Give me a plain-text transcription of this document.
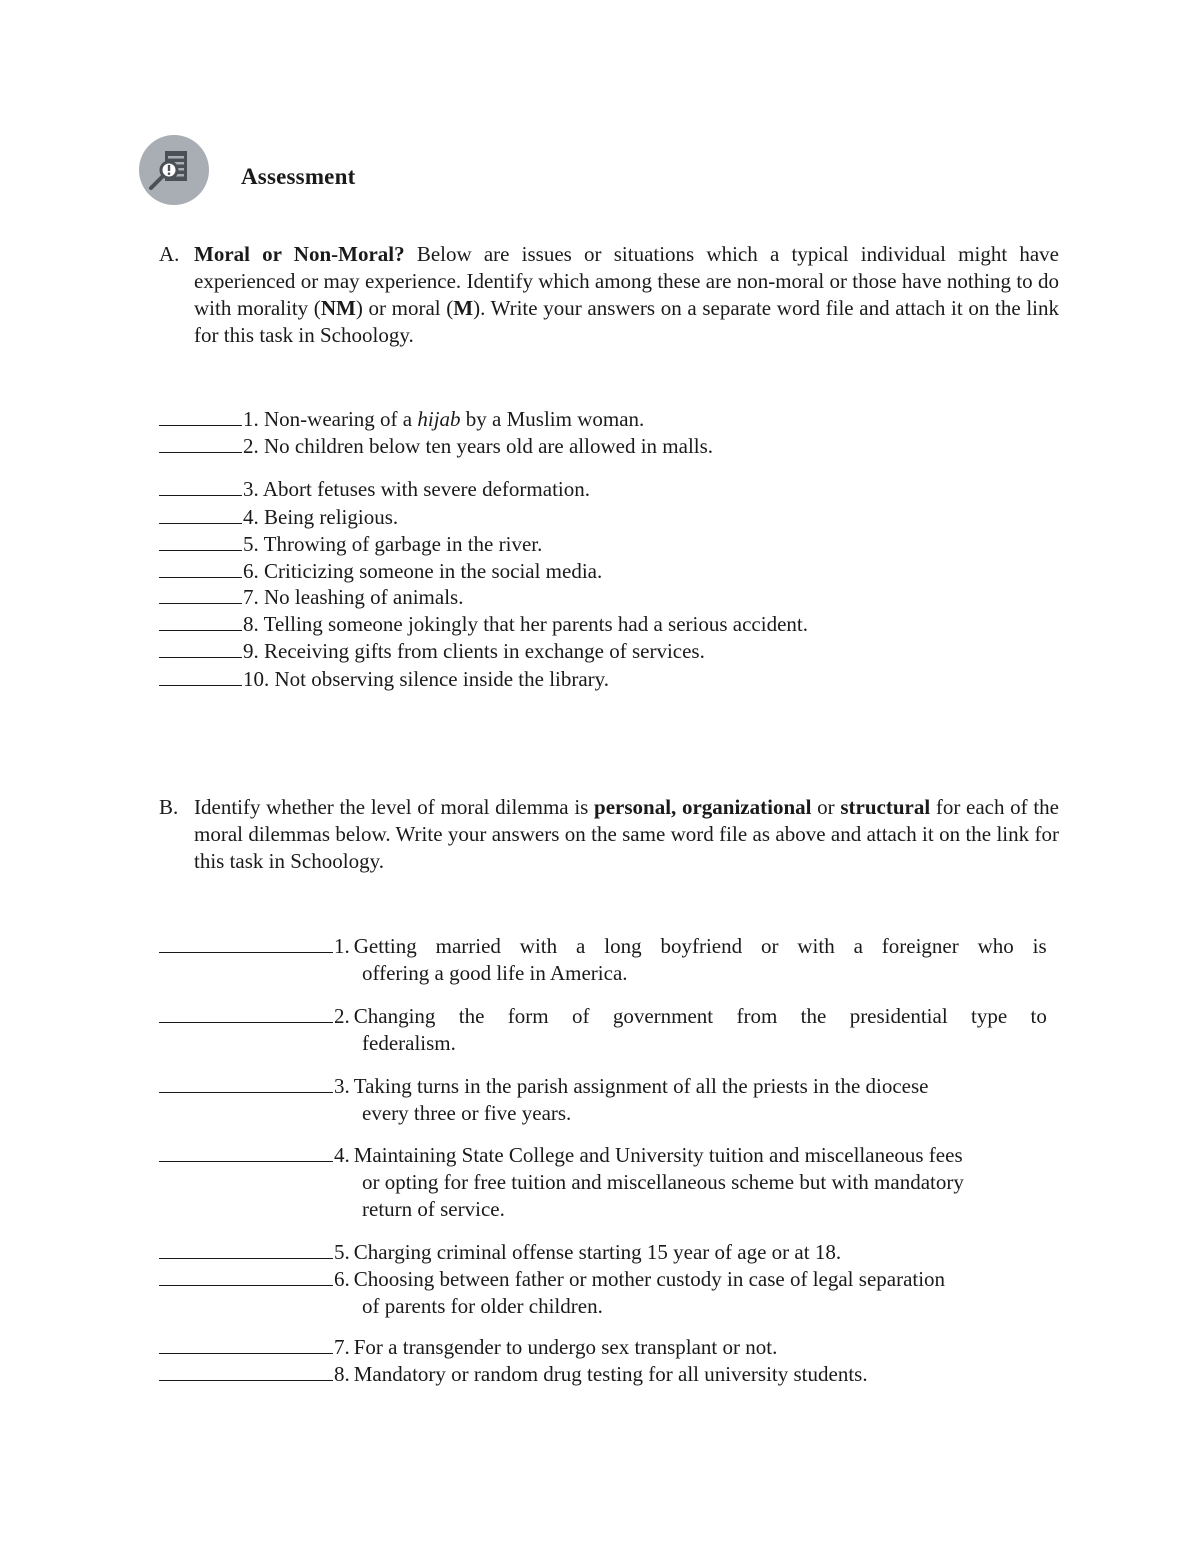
Assessment
A. Moral or Non-Moral? Below are issues or situations which a typical individual might have experienced or may experience. Identify which among these are non-moral or those have nothing to do with morality (NM) or moral (M). Write your answers on a separate word file and attach it on the link for this task in Schoology.
1. Non-wearing of a hijab by a Muslim woman.
2. No children below ten years old are allowed in malls.
3. Abort fetuses with severe deformation.
4. Being religious.
5. Throwing of garbage in the river.
6. Criticizing someone in the social media.
7. No leashing of animals.
8. Telling someone jokingly that her parents had a serious accident.
9. Receiving gifts from clients in exchange of services.
10. Not observing silence inside the library.
B. Identify whether the level of moral dilemma is personal, organizational or structural for each of the moral dilemmas below. Write your answers on the same word file as above and attach it on the link for this task in Schoology.
1. Getting married with a long boyfriend or with a foreigner who is
offering a good life in America.
2. Changing the form of government from the presidential type to
federalism.
3. Taking turns in the parish assignment of all the priests in the diocese
every three or five years.
4. Maintaining State College and University tuition and miscellaneous fees
or opting for free tuition and miscellaneous scheme but with mandatory
return of service.
5. Charging criminal offense starting 15 year of age or at 18.
6. Choosing between father or mother custody in case of legal separation
of parents for older children.
7. For a transgender to undergo sex transplant or not.
8. Mandatory or random drug testing for all university students.
